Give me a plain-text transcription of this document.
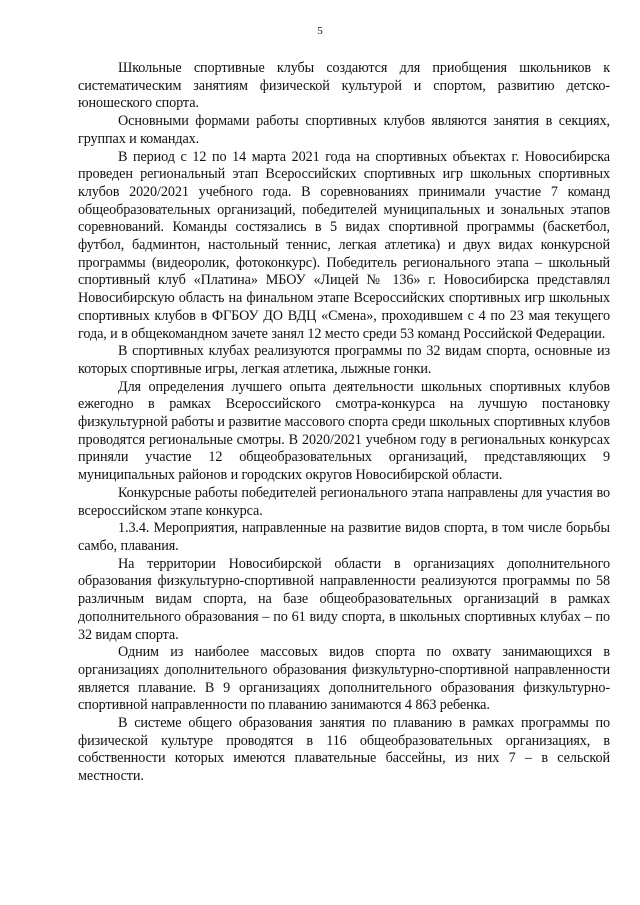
5

Школьные спортивные клубы создаются для приобщения школьников к систематическим занятиям физической культурой и спортом, развитию детско-юношеского спорта.

Основными формами работы спортивных клубов являются занятия в секциях, группах и командах.

В период с 12 по 14 марта 2021 года на спортивных объектах г. Новосибирска проведен региональный этап Всероссийских спортивных игр школьных спортивных клубов 2020/2021 учебного года. В соревнованиях принимали участие 7 команд общеобразовательных организаций, победителей муниципальных и зональных этапов соревнований. Команды состязались в 5 видах спортивной программы (баскетбол, футбол, бадминтон, настольный теннис, легкая атлетика) и двух видах конкурсной программы (видеоролик, фотоконкурс). Победитель регионального этапа – школьный спортивный клуб «Платина» МБОУ «Лицей № 136» г. Новосибирска представлял Новосибирскую область на финальном этапе Всероссийских спортивных игр школьных спортивных клубов в ФГБОУ ДО ВДЦ «Смена», проходившем с 4 по 23 мая текущего года, и в общекомандном зачете занял 12 место среди 53 команд Российской Федерации.

В спортивных клубах реализуются программы по 32 видам спорта, основные из которых спортивные игры, легкая атлетика, лыжные гонки.

Для определения лучшего опыта деятельности школьных спортивных клубов ежегодно в рамках Всероссийского смотра-конкурса на лучшую постановку физкультурной работы и развитие массового спорта среди школьных спортивных клубов проводятся региональные смотры. В 2020/2021 учебном году в региональных конкурсах приняли участие 12 общеобразовательных организаций, представляющих 9 муниципальных районов и городских округов Новосибирской области.

Конкурсные работы победителей регионального этапа направлены для участия во всероссийском этапе конкурса.

1.3.4. Мероприятия, направленные на развитие видов спорта, в том числе борьбы самбо, плавания.

На территории Новосибирской области в организациях дополнительного образования физкультурно-спортивной направленности реализуются программы по 58 различным видам спорта, на базе общеобразовательных организаций в рамках дополнительного образования – по 61 виду спорта, в школьных спортивных клубах – по 32 видам спорта.

Одним из наиболее массовых видов спорта по охвату занимающихся в организациях дополнительного образования физкультурно-спортивной направленности является плавание. В 9 организациях дополнительного образования физкультурно-спортивной направленности по плаванию занимаются 4 863 ребенка.

В системе общего образования занятия по плаванию в рамках программы по физической культуре проводятся в 116 общеобразовательных организациях, в собственности которых имеются плавательные бассейны, из них 7 – в сельской местности.
